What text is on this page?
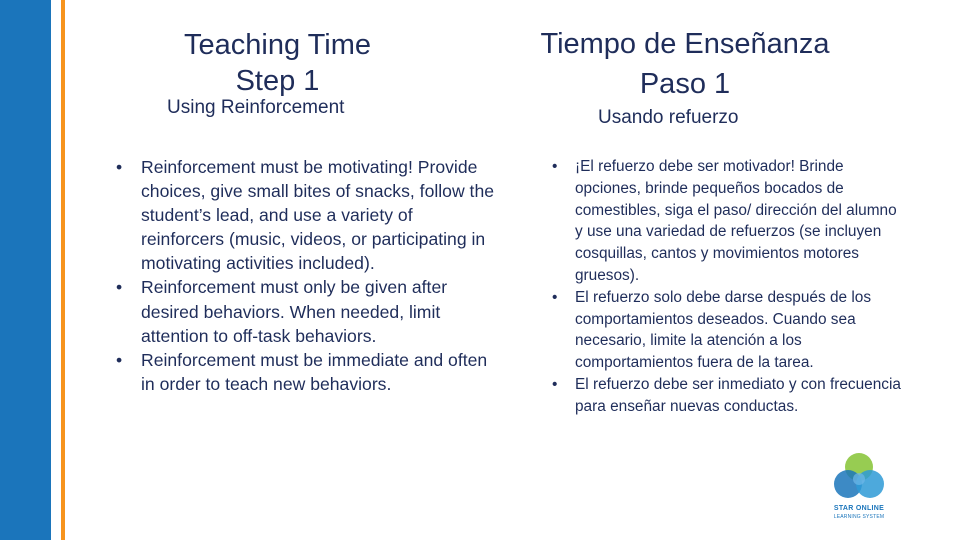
Teaching Time
Step 1
Using Reinforcement
Tiempo de Enseñanza
Paso 1
Usando refuerzo
• Reinforcement must be motivating! Provide choices, give small bites of snacks, follow the student’s lead, and use a variety of reinforcers (music, videos, or participating in motivating activities included).
• Reinforcement must only be given after desired behaviors. When needed, limit attention to off-task behaviors.
• Reinforcement must be immediate and often in order to teach new behaviors.
• ¡El refuerzo debe ser motivador! Brinde opciones, brinde pequeños bocados de comestibles, siga el paso/ dirección del alumno y use una variedad de refuerzos (se incluyen cosquillas, cantos y movimientos motores gruesos).
• El refuerzo solo debe darse después de los comportamientos deseados. Cuando sea necesario, limite la atención a los comportamientos fuera de la tarea.
• El refuerzo debe ser inmediato y con frecuencia para enseñar nuevas conductas.
STAR ONLINE
LEARNING SYSTEM
